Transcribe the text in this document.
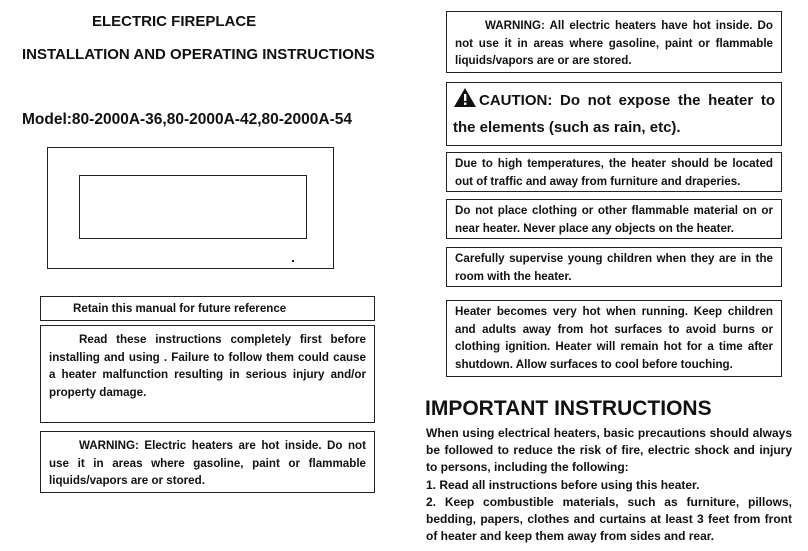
ELECTRIC FIREPLACE
INSTALLATION AND OPERATING INSTRUCTIONS
Model:80-2000A-36,80-2000A-42,80-2000A-54
Retain this manual for future reference

Read these instructions completely first before installing and using . Failure to follow them could cause a heater malfunction resulting in serious injury and/or property damage.

WARNING: Electric heaters are hot inside. Do not use it in areas where gasoline, paint or flammable liquids/vapors are or stored.

WARNING: All electric heaters have hot inside. Do not use it in areas where gasoline, paint or flammable liquids/vapors are or are stored.

CAUTION: Do not expose the heater to the elements (such as rain, etc).

Due to high temperatures, the heater should be located out of traffic and away from furniture and draperies.

Do not place clothing or other flammable material on or near heater. Never place any objects on the heater.

Carefully supervise young children when they are in the room with the heater.

Heater becomes very hot when running. Keep children and adults away from hot surfaces to avoid burns or clothing ignition. Heater will remain hot for a time after shutdown. Allow surfaces to cool before touching.

IMPORTANT INSTRUCTIONS

When using electrical heaters, basic precautions should always be followed to reduce the risk of fire, electric shock and injury to persons, including the following:

1. Read all instructions before using this heater.

2. Keep combustible materials, such as furniture, pillows, bedding, papers, clothes and curtains at least 3 feet from front of heater and keep them away from sides and rear.
